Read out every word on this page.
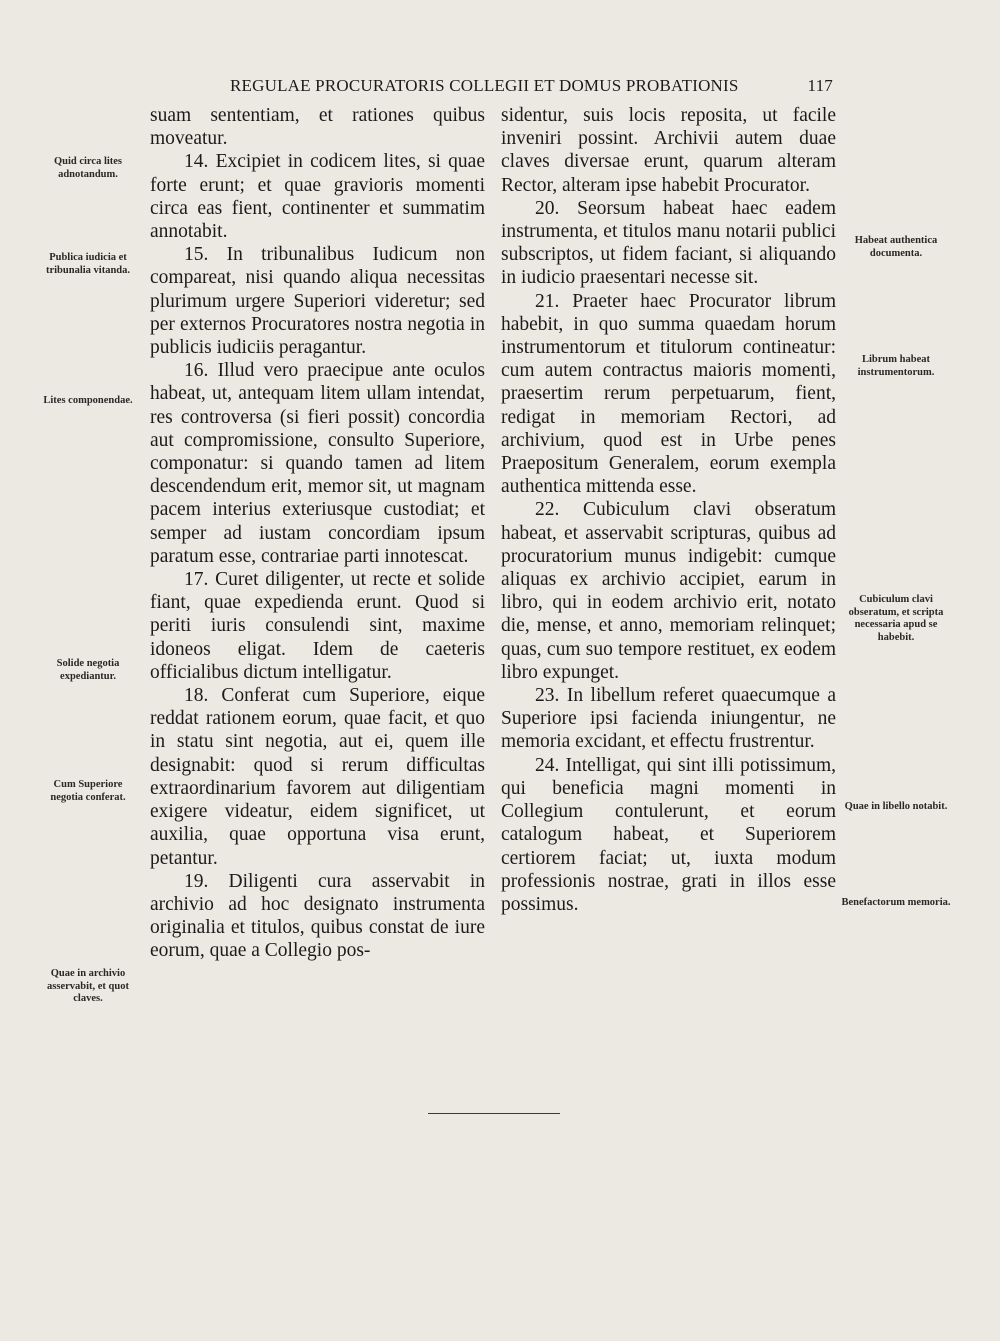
REGULAE PROCURATORIS COLLEGII ET DOMUS PROBATIONIS	117

suam sententiam, et rationes quibus moveatur.

14. Excipiet in codicem lites, si quae forte erunt; et quae gravioris momenti circa eas fient, continenter et summatim annotabit.

15. In tribunalibus Iudicum non compareat, nisi quando aliqua necessitas plurimum urgere Superiori videretur; sed per externos Procuratores nostra negotia in publicis iudiciis peragantur.

16. Illud vero praecipue ante oculos habeat, ut, antequam litem ullam intendat, res controversa (si fieri possit) concordia aut compromissione, consulto Superiore, componatur: si quando tamen ad litem descendendum erit, memor sit, ut magnam pacem interius exteriusque custodiat; et semper ad iustam concordiam ipsum paratum esse, contrariae parti innotescat.

17. Curet diligenter, ut recte et solide fiant, quae expedienda erunt. Quod si periti iuris consulendi sint, maxime idoneos eligat. Idem de caeteris officialibus dictum intelligatur.

18. Conferat cum Superiore, eique reddat rationem eorum, quae facit, et quo in statu sint negotia, aut ei, quem ille designabit: quod si rerum difficultas extraordinarium favorem aut diligentiam exigere videatur, eidem significet, ut auxilia, quae opportuna visa erunt, petantur.

19. Diligenti cura asservabit in archivio ad hoc designato instrumenta originalia et titulos, quibus constat de iure eorum, quae a Collegio pos-

sidentur, suis locis reposita, ut facile inveniri possint. Archivii autem duae claves diversae erunt, quarum alteram Rector, alteram ipse habebit Procurator.

20. Seorsum habeat haec eadem instrumenta, et titulos manu notarii publici subscriptos, ut fidem faciant, si aliquando in iudicio praesentari necesse sit.

21. Praeter haec Procurator librum habebit, in quo summa quaedam horum instrumentorum et titulorum contineatur: cum autem contractus maioris momenti, praesertim rerum perpetuarum, fient, redigat in memoriam Rectori, ad archivium, quod est in Urbe penes Praepositum Generalem, eorum exempla authentica mittenda esse.

22. Cubiculum clavi obseratum habeat, et asservabit scripturas, quibus ad procuratorium munus indigebit: cumque aliquas ex archivio accipiet, earum in libro, qui in eodem archivio erit, notato die, mense, et anno, memoriam relinquet; quas, cum suo tempore restituet, ex eodem libro expunget.

23. In libellum referet quaecumque a Superiore ipsi facienda iniungentur, ne memoria excidant, et effectu frustrentur.

24. Intelligat, qui sint illi potissimum, qui beneficia magni momenti in Collegium contulerunt, et eorum catalogum habeat, et Superiorem certiorem faciat; ut, iuxta modum professionis nostrae, grati in illos esse possimus.

Quid circa lites adnotandum.
Publica iudicia et tribunalia vitanda.
Lites componendae.
Solide negotia expediantur.
Cum Superiore negotia conferat.
Quae in archivio asservabit, et quot claves.
Habeat authentica documenta.
Librum habeat instrumentorum.
Cubiculum clavi obseratum, et scripta necessaria apud se habebit.
Quae in libello notabit.
Benefactorum memoria.
